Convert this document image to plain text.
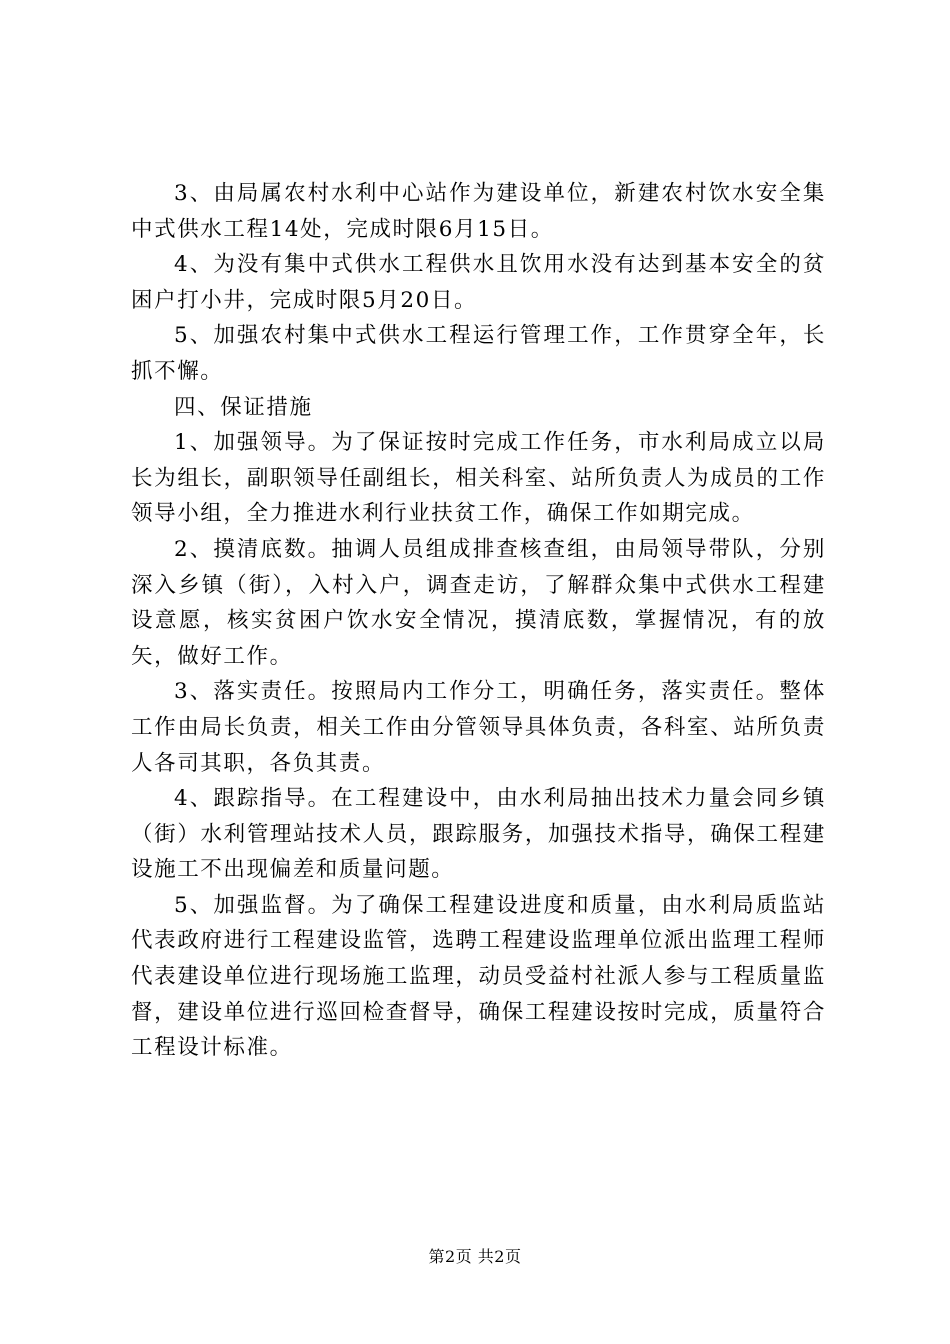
3、由局属农村水利中心站作为建设单位，新建农村饮水安全集中式供水工程14处，完成时限6月15日。

4、为没有集中式供水工程供水且饮用水没有达到基本安全的贫困户打小井，完成时限5月20日。

5、加强农村集中式供水工程运行管理工作，工作贯穿全年，长抓不懈。

四、保证措施

1、加强领导。为了保证按时完成工作任务，市水利局成立以局长为组长，副职领导任副组长，相关科室、站所负责人为成员的工作领导小组，全力推进水利行业扶贫工作，确保工作如期完成。

2、摸清底数。抽调人员组成排查核查组，由局领导带队，分别深入乡镇（街），入村入户，调查走访，了解群众集中式供水工程建设意愿，核实贫困户饮水安全情况，摸清底数，掌握情况，有的放矢，做好工作。

3、落实责任。按照局内工作分工，明确任务，落实责任。整体工作由局长负责，相关工作由分管领导具体负责，各科室、站所负责人各司其职，各负其责。

4、跟踪指导。在工程建设中，由水利局抽出技术力量会同乡镇（街）水利管理站技术人员，跟踪服务，加强技术指导，确保工程建设施工不出现偏差和质量问题。

5、加强监督。为了确保工程建设进度和质量，由水利局质监站代表政府进行工程建设监管，选聘工程建设监理单位派出监理工程师代表建设单位进行现场施工监理，动员受益村社派人参与工程质量监督，建设单位进行巡回检查督导，确保工程建设按时完成，质量符合工程设计标准。

第2页 共2页
